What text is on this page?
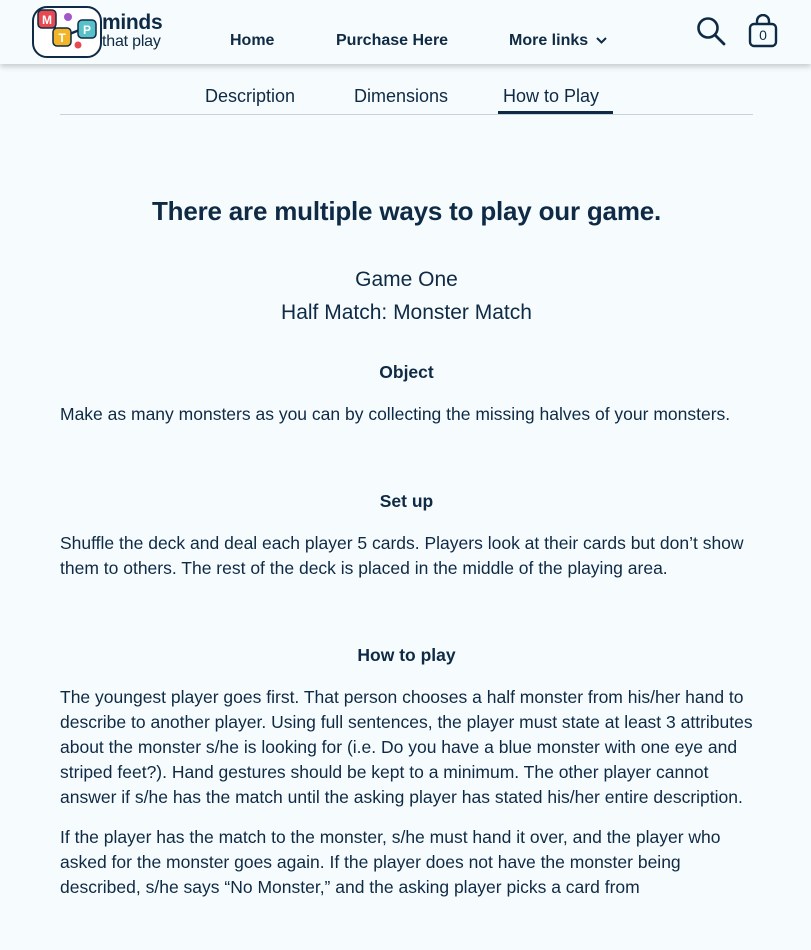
M
T
P minds
that play	Home	Purchase Here	More links	0
Description	Dimensions	How to Play
There are multiple ways to play our game.
Game One
Half Match: Monster Match
Object

Make as many monsters as you can by collecting the missing halves of your monsters.

Set up

Shuffle the deck and deal each player 5 cards. Players look at their cards but don’t show them to others. The rest of the deck is placed in the middle of the playing area.

How to play

The youngest player goes first. That person chooses a half monster from his/her hand to describe to another player. Using full sentences, the player must state at least 3 attributes about the monster s/he is looking for (i.e. Do you have a blue monster with one eye and striped feet?). Hand gestures should be kept to a minimum. The other player cannot answer if s/he has the match until the asking player has stated his/her entire description.

If the player has the match to the monster, s/he must hand it over, and the player who asked for the monster goes again. If the player does not have the monster being described, s/he says “No Monster,” and the asking player picks a card from
